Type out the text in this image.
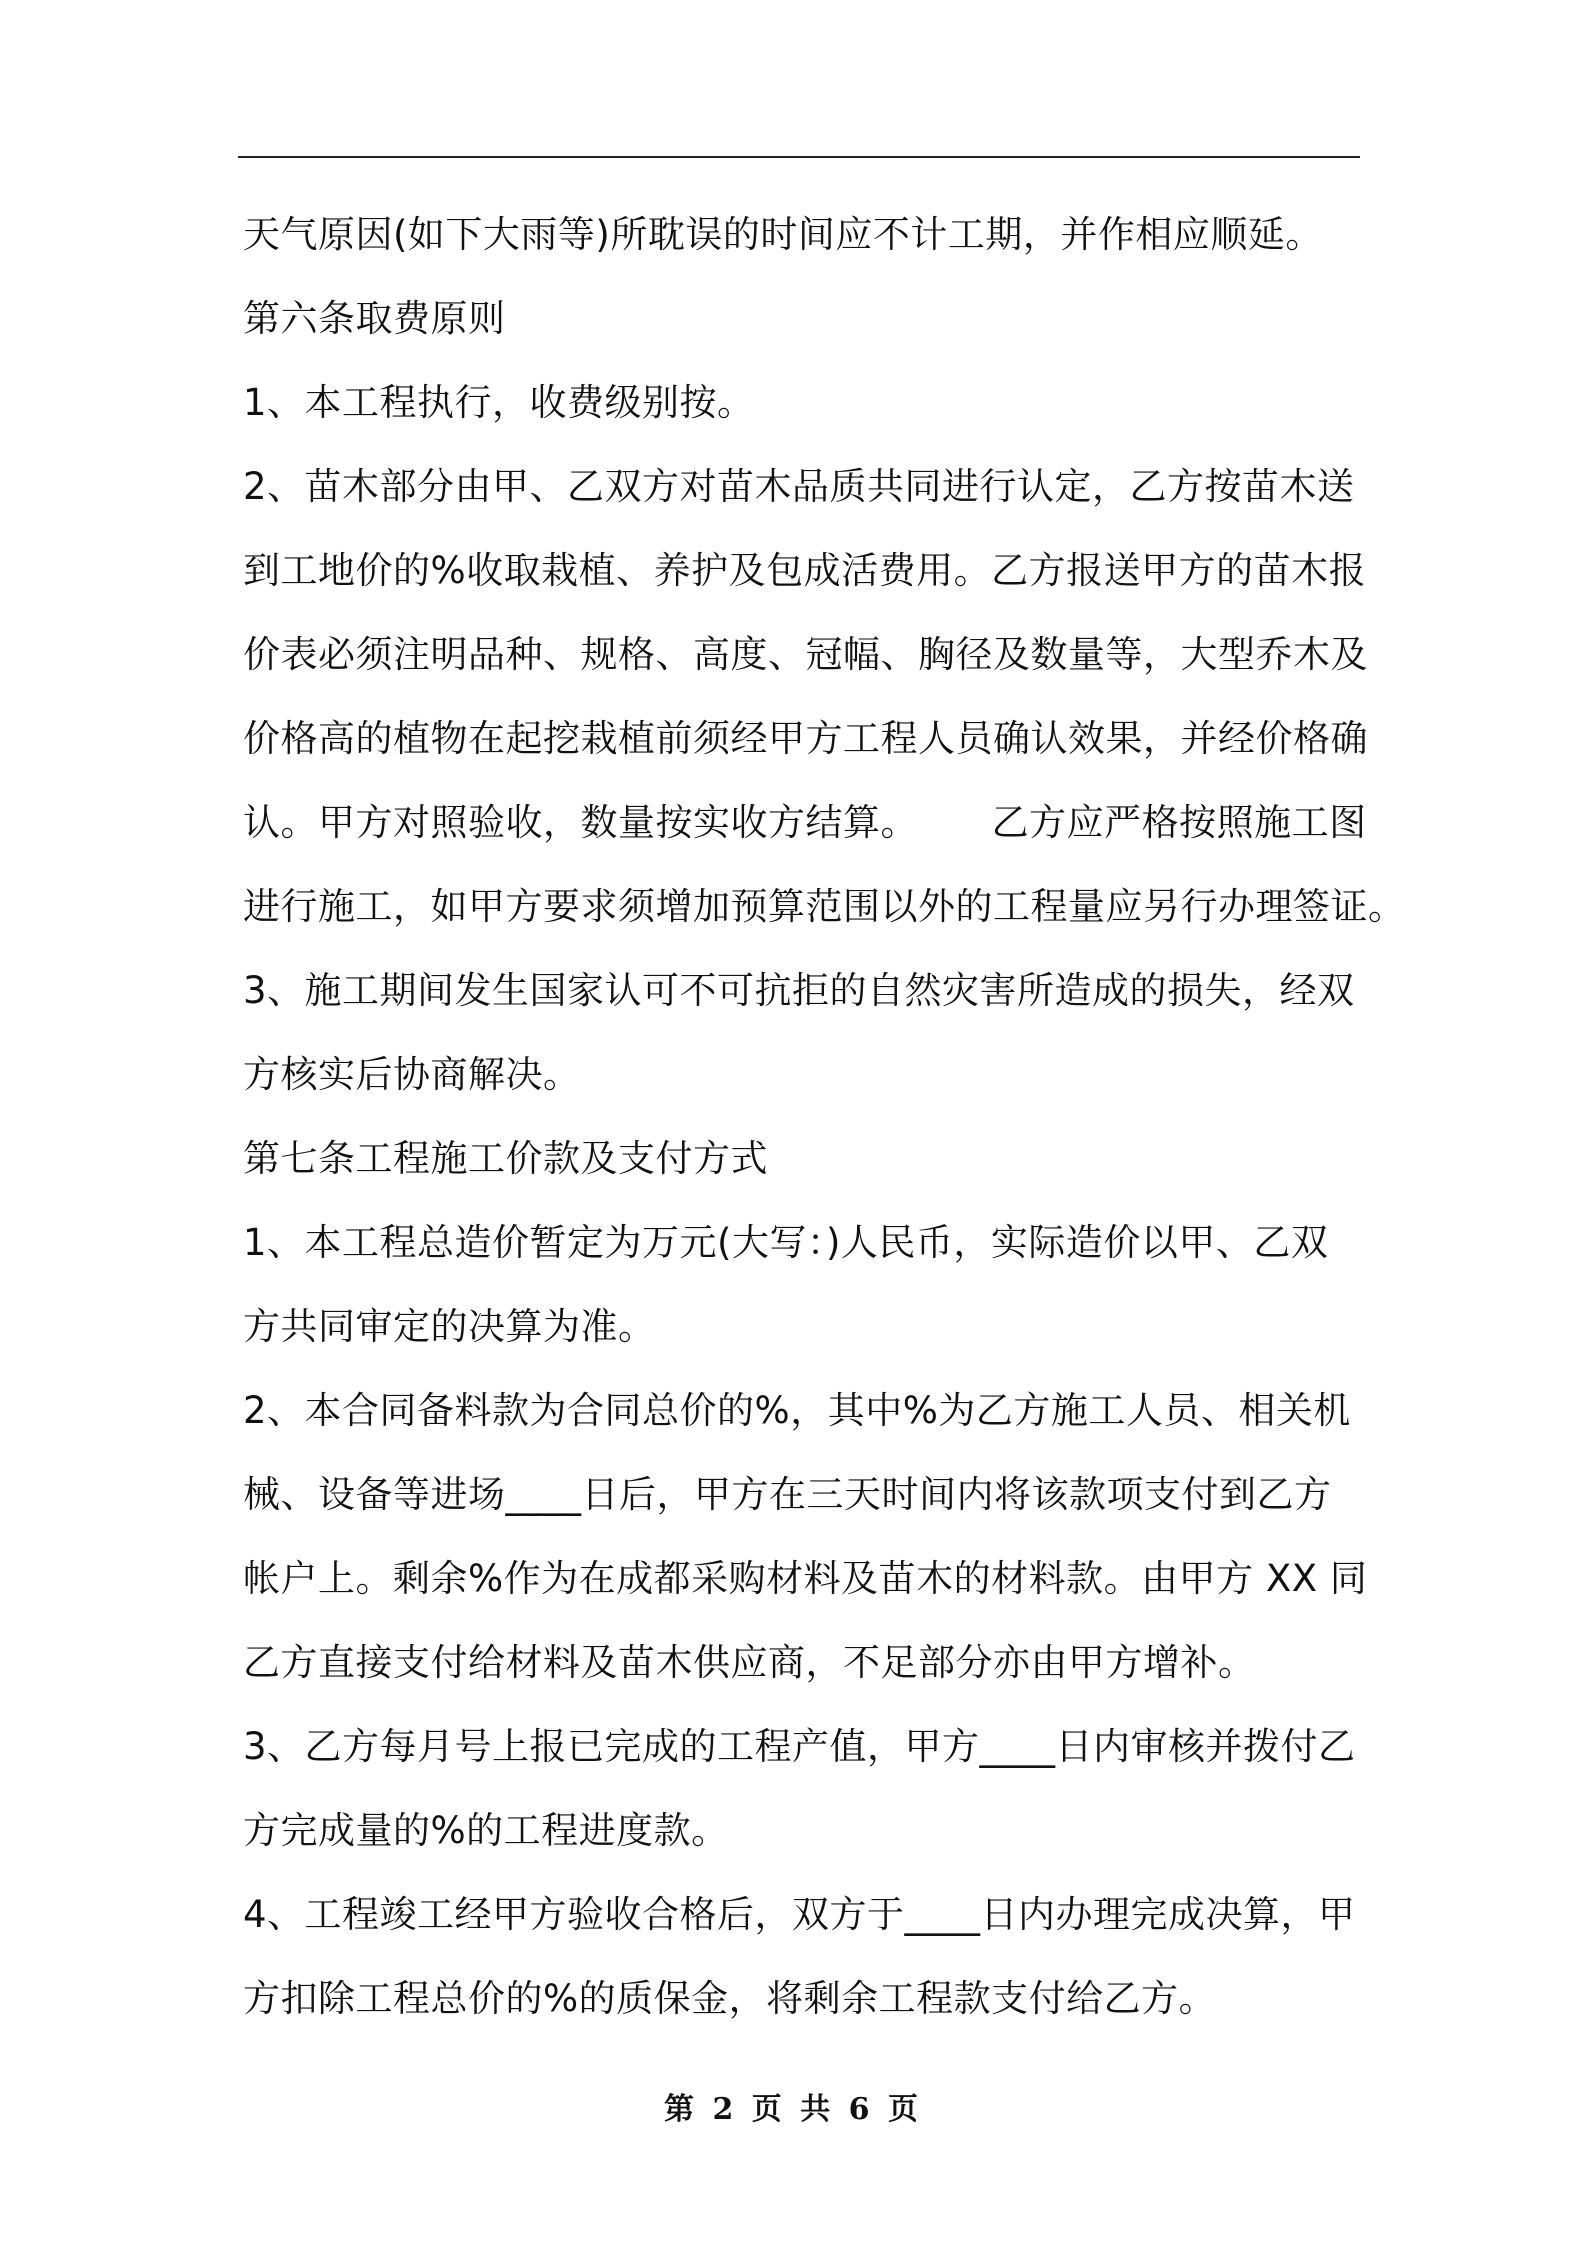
天气原因(如下大雨等)所耽误的时间应不计工期，并作相应顺延。
第六条取费原则
1、本工程执行，收费级别按。
2、苗木部分由甲、乙双方对苗木品质共同进行认定，乙方按苗木送
到工地价的%收取栽植、养护及包成活费用。乙方报送甲方的苗木报
价表必须注明品种、规格、高度、冠幅、胸径及数量等，大型乔木及
价格高的植物在起挖栽植前须经甲方工程人员确认效果，并经价格确
认。甲方对照验收，数量按实收方结算。      乙方应严格按照施工图
进行施工，如甲方要求须增加预算范围以外的工程量应另行办理签证。
3、施工期间发生国家认可不可抗拒的自然灾害所造成的损失，经双
方核实后协商解决。
第七条工程施工价款及支付方式
1、本工程总造价暂定为万元(大写：)人民币，实际造价以甲、乙双
方共同审定的决算为准。
2、本合同备料款为合同总价的%，其中%为乙方施工人员、相关机
械、设备等进场____日后，甲方在三天时间内将该款项支付到乙方
帐户上。剩余%作为在成都采购材料及苗木的材料款。由甲方 XX 同
乙方直接支付给材料及苗木供应商，不足部分亦由甲方增补。
3、乙方每月号上报已完成的工程产值，甲方____日内审核并拨付乙
方完成量的%的工程进度款。
4、工程竣工经甲方验收合格后，双方于____日内办理完成决算，甲
方扣除工程总价的%的质保金，将剩余工程款支付给乙方。
第 2 页 共 6 页
